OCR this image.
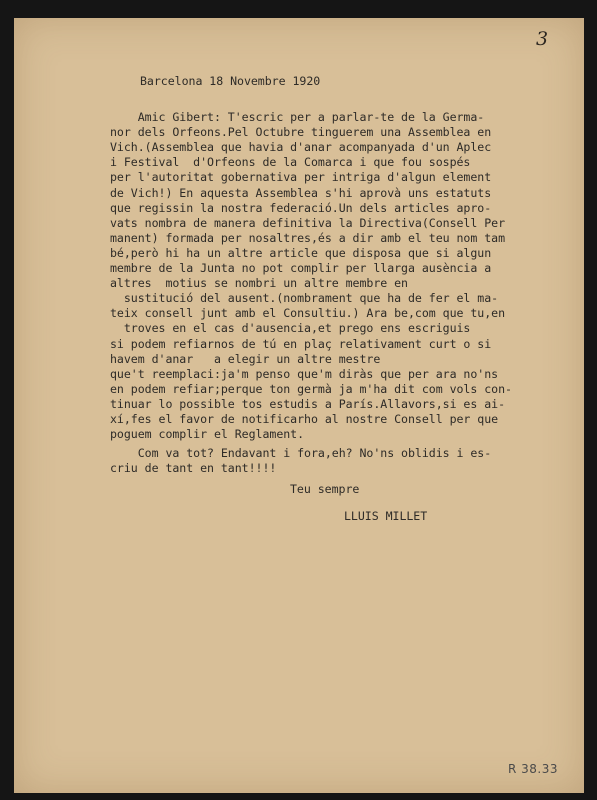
3
Barcelona 18 Novembre 1920
Amic Gibert: T'escric per a parlar-te de la Germa-
nor dels Orfeons.Pel Octubre tinguerem una Assemblea en
Vich.(Assemblea que havia d'anar acompanyada d'un Aplec
i Festival  d'Orfeons de la Comarca i que fou sospés
per l'autoritat gobernativa per intriga d'algun element
de Vich!) En aquesta Assemblea s'hi aprovà uns estatuts
que regissin la nostra federació.Un dels articles apro-
vats nombra de manera definitiva la Directiva(Consell Per
manent) formada per nosaltres,és a dir amb el teu nom tam
bé,però hi ha un altre article que disposa que si algun
membre de la Junta no pot complir per llarga ausència a
altres  motius se nombri un altre membre en
sustitució del ausent.(nombrament que ha de fer el ma-
teix consell junt amb el Consultiu.) Ara be,com que tu,en
troves en el cas d'ausencia,et prego ens escriguis
si podem refiarnos de tú en plaç relativament curt o si
havem d'anar   a elegir un altre mestre
que't reemplaci:ja'm penso que'm diràs que per ara no'ns
en podem refiar;perque ton germà ja m'ha dit com vols con-
tinuar lo possible tos estudis a París.Allavors,si es ai-
xí,fes el favor de notificarho al nostre Consell per que
poguem complir el Reglament.
Com va tot? Endavant i fora,eh? No'ns oblidis i es-
criu de tant en tant!!!!
Teu sempre
LLUIS MILLET
R 38.33
